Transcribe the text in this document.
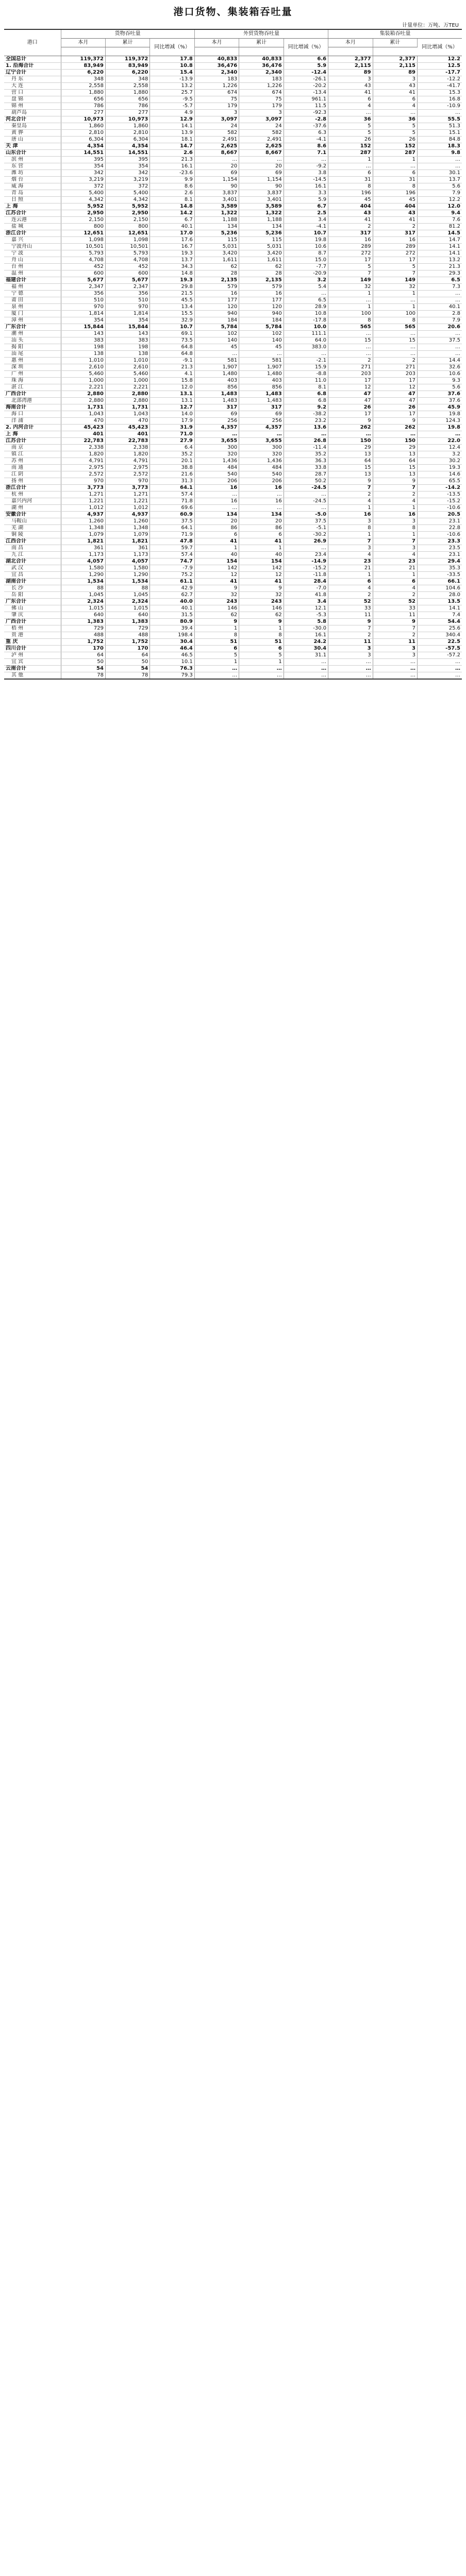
港口货物、集装箱吞吐量
计量单位：万吨、万TEU
港口	货物吞吐量			外贸货物吞吐量			集装箱吞吐量		
	本月	累计	同比增减（%）	本月	累计	同比增减（%）	本月	累计	同比增减（%）

全国总计	119,372	119,372	17.8	40,833	40,833	6.6	2,377	2,377	12.2
1. 沿海合计	83,949	83,949	10.8	36,476	36,476	5.9	2,115	2,115	12.5
辽宁合计	6,220	6,220	15.4	2,340	2,340	-12.4	89	89	-17.7
丹 东	348	348	-13.9	183	183	-26.1	3	3	-12.2
大 连	2,558	2,558	13.2	1,226	1,226	-20.2	43	43	-41.7
营 口	1,880	1,880	25.7	674	674	-13.4	41	41	15.3
盘 锦	656	656	-9.5	75	75	961.1	6	6	16.8
锦 州	786	786	-5.7	179	179	11.5	4	4	-10.9
葫芦岛	277	277	4.9	3	3	-92.3	…	…	…
河北合计	10,973	10,973	12.9	3,097	3,097	-2.8	36	36	55.5
秦皇岛	1,860	1,860	14.1	24	24	-37.6	5	5	51.3
黄 骅	2,810	2,810	13.9	582	582	6.3	5	5	15.1
唐 山	6,304	6,304	18.1	2,491	2,491	-4.1	26	26	84.8
天 津	4,354	4,354	14.7	2,625	2,625	8.6	152	152	18.3
山东合计	14,551	14,551	2.6	8,667	8,667	7.1	287	287	9.8
滨 州	395	395	21.3	…	…	…	1	1	…
东 营	354	354	16.1	20	20	-9.2	…	…	…
潍 坊	342	342	-23.6	69	69	3.8	6	6	30.1
烟 台	3,219	3,219	9.9	1,154	1,154	-14.5	31	31	13.7
威 海	372	372	8.6	90	90	16.1	8	8	5.6
青 岛	5,400	5,400	2.6	3,837	3,837	3.3	196	196	7.9
日 照	4,342	4,342	8.1	3,401	3,401	5.9	45	45	12.2
上 海	5,952	5,952	14.8	3,589	3,589	6.7	404	404	12.0
江苏合计	2,950	2,950	14.2	1,322	1,322	2.5	43	43	9.4
连云港	2,150	2,150	6.7	1,188	1,188	3.4	41	41	7.6
盐 城	800	800	40.1	134	134	-4.1	2	2	81.2
浙江合计	12,651	12,651	17.0	5,236	5,236	10.7	317	317	14.5
嘉 兴	1,098	1,098	17.6	115	115	19.8	16	16	14.7
宁波舟山	10,501	10,501	16.7	5,031	5,031	10.6	289	289	14.1
宁 波	5,793	5,793	19.3	3,420	3,420	8.7	272	272	14.1
舟 山	4,708	4,708	13.7	1,611	1,611	15.0	17	17	13.2
台 州	452	452	34.3	62	62	-7.7	5	5	21.3
温 州	600	600	14.8	28	28	-20.9	7	7	29.3
福建合计	5,677	5,677	19.3	2,135	2,135	3.2	149	149	6.5
福 州	2,347	2,347	29.8	579	579	5.4	32	32	7.3
宁 德	356	356	21.5	16	16	…	1	1	…
莆 田	510	510	45.5	177	177	6.5	…	…	…
泉 州	970	970	13.4	120	120	28.9	1	1	40.1
厦 门	1,814	1,814	15.5	940	940	10.8	100	100	2.8
漳 州	354	354	32.9	184	184	-17.8	8	8	7.9
广东合计	15,844	15,844	10.7	5,784	5,784	10.0	565	565	20.6
潮 州	143	143	69.1	102	102	111.1	…	…	…
汕 头	383	383	73.5	140	140	64.0	15	15	37.5
揭 阳	198	198	64.8	45	45	383.0	…	…	…
汕 尾	138	138	64.8	…	…	…	…	…	…
惠 州	1,010	1,010	-9.1	581	581	-2.1	2	2	14.4
深 圳	2,610	2,610	21.3	1,907	1,907	15.9	271	271	32.6
广 州	5,460	5,460	4.1	1,480	1,480	-8.8	203	203	10.6
珠 海	1,000	1,000	15.8	403	403	11.0	17	17	9.3
湛 江	2,221	2,221	12.0	856	856	8.1	12	12	5.6
广西合计	2,880	2,880	13.1	1,483	1,483	6.8	47	47	37.6
北部湾港	2,880	2,880	13.1	1,483	1,483	6.8	47	47	37.6
海南合计	1,731	1,731	12.7	317	317	9.2	26	26	45.9
海 口	1,043	1,043	14.0	69	69	-38.2	17	17	19.8
洋 浦	470	470	17.9	256	256	23.2	9	9	124.3
2. 内河合计	45,423	45,423	31.9	4,357	4,357	13.6	262	262	19.8
上 海	401	401	71.0	…	…	…	…	…	…
江苏合计	22,783	22,783	27.9	3,655	3,655	26.8	150	150	22.0
南 京	2,338	2,338	6.4	300	300	-11.4	29	29	12.4
镇 江	1,820	1,820	35.2	320	320	35.2	13	13	3.2
苏 州	4,791	4,791	20.1	1,436	1,436	36.3	64	64	30.2
南 通	2,975	2,975	38.8	484	484	33.8	15	15	19.3
江 阴	2,572	2,572	21.6	540	540	28.7	13	13	14.6
扬 州	970	970	31.3	206	206	50.2	9	9	65.5
浙江合计	3,773	3,773	64.1	16	16	-24.5	7	7	-14.2
杭 州	1,271	1,271	57.4	…	…	…	2	2	-13.5
嘉兴内河	1,221	1,221	71.8	16	16	-24.5	4	4	-15.2
湖 州	1,012	1,012	69.6	…	…	…	1	1	-10.6
安徽合计	4,937	4,937	60.9	134	134	-5.0	16	16	20.5
马鞍山	1,260	1,260	37.5	20	20	37.5	3	3	23.1
芜 湖	1,348	1,348	64.1	86	86	-5.1	8	8	22.8
铜 陵	1,079	1,079	71.9	6	6	-30.2	1	1	-10.6
江西合计	1,821	1,821	47.8	41	41	26.9	7	7	23.3
南 昌	361	361	59.7	1	1	…	3	3	23.5
九 江	1,173	1,173	57.4	40	40	23.4	4	4	23.1
湖北合计	4,057	4,057	74.7	154	154	-14.9	23	23	29.4
武 汉	1,580	1,580	-7.9	142	142	-15.2	21	21	35.3
宜 昌	1,290	1,290	75.2	12	12	-11.8	1	1	-33.5
湖南合计	1,534	1,534	61.1	41	41	28.4	6	6	66.1
长 沙	88	88	42.9	9	9	-7.0	4	4	104.6
岳 阳	1,045	1,045	62.7	32	32	41.8	2	2	28.0
广东合计	2,324	2,324	40.0	243	243	3.4	52	52	13.5
佛 山	1,015	1,015	40.1	146	146	12.1	33	33	14.1
肇 庆	640	640	31.5	62	62	-5.3	11	11	7.4
广西合计	1,383	1,383	80.9	9	9	5.8	9	9	54.4
梧 州	729	729	39.4	1	1	-30.0	7	7	25.6
贵 港	488	488	198.4	8	8	16.1	2	2	340.4
重 庆	1,752	1,752	30.4	51	51	24.2	11	11	22.5
四川合计	170	170	46.4	6	6	30.4	3	3	-57.5
泸 州	64	64	46.5	5	5	31.1	3	3	-57.2
宜 宾	50	50	10.1	1	1	…	…	…	…
云南合计	54	54	76.3	…	…	…	…	…	…
其 他	78	78	79.3	…	…	…	…	…	…
